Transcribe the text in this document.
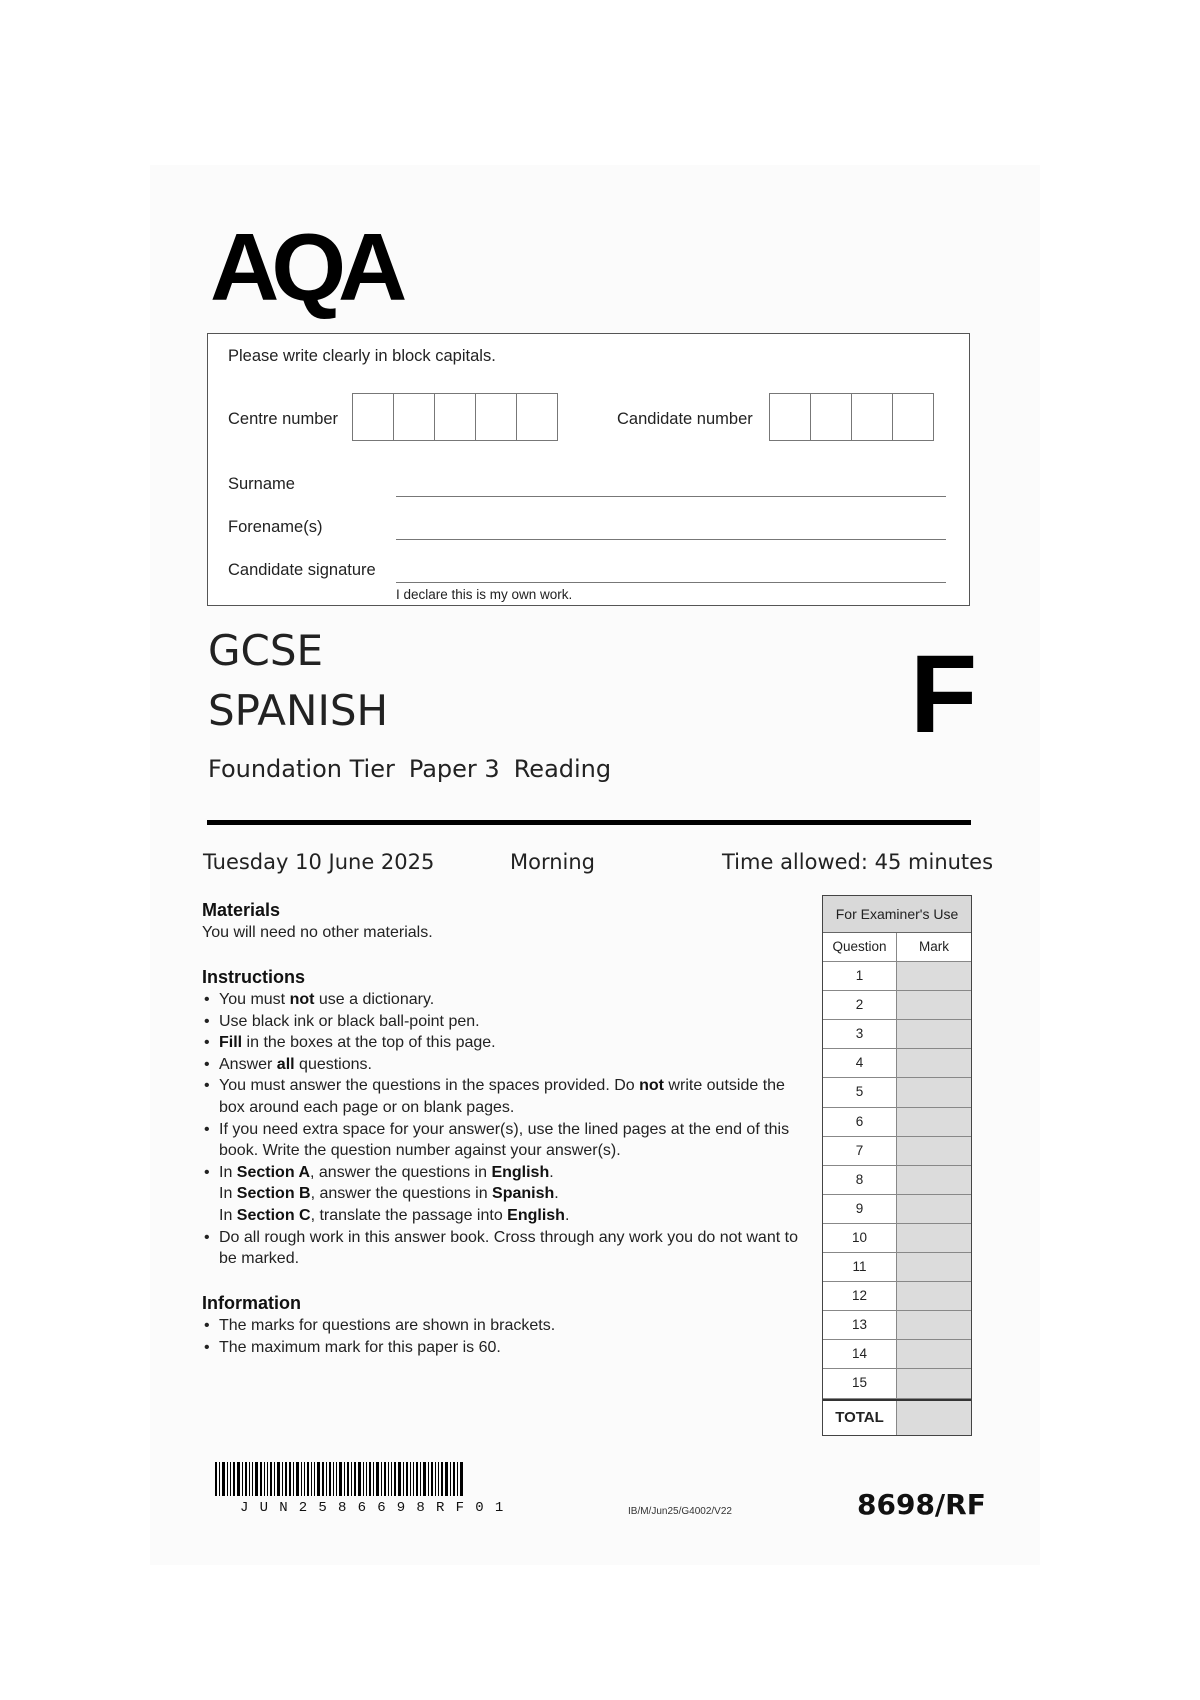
AQA
Please write clearly in block capitals.
Centre number	Candidate number
Surname
Forename(s)
Candidate signature
I declare this is my own work.
GCSE
SPANISH
Foundation Tier Paper 3 Reading
F
Tuesday 10 June 2025	Morning	Time allowed: 45 minutes
Materials
You will need no other materials.
Instructions
• You must not use a dictionary.
• Use black ink or black ball-point pen.
• Fill in the boxes at the top of this page.
• Answer all questions.
• You must answer the questions in the spaces provided. Do not write outside the box around each page or on blank pages.
• If you need extra space for your answer(s), use the lined pages at the end of this book. Write the question number against your answer(s).
• In Section A, answer the questions in English.
In Section B, answer the questions in Spanish.
In Section C, translate the passage into English.
• Do all rough work in this answer book. Cross through any work you do not want to be marked.
Information
• The marks for questions are shown in brackets.
• The maximum mark for this paper is 60.
For Examiner's Use
Question	Mark
1
2
3
4
5
6
7
8
9
10
11
12
13
14
15
TOTAL
JUN2586698RF01	IB/M/Jun25/G4002/V22	8698/RF
